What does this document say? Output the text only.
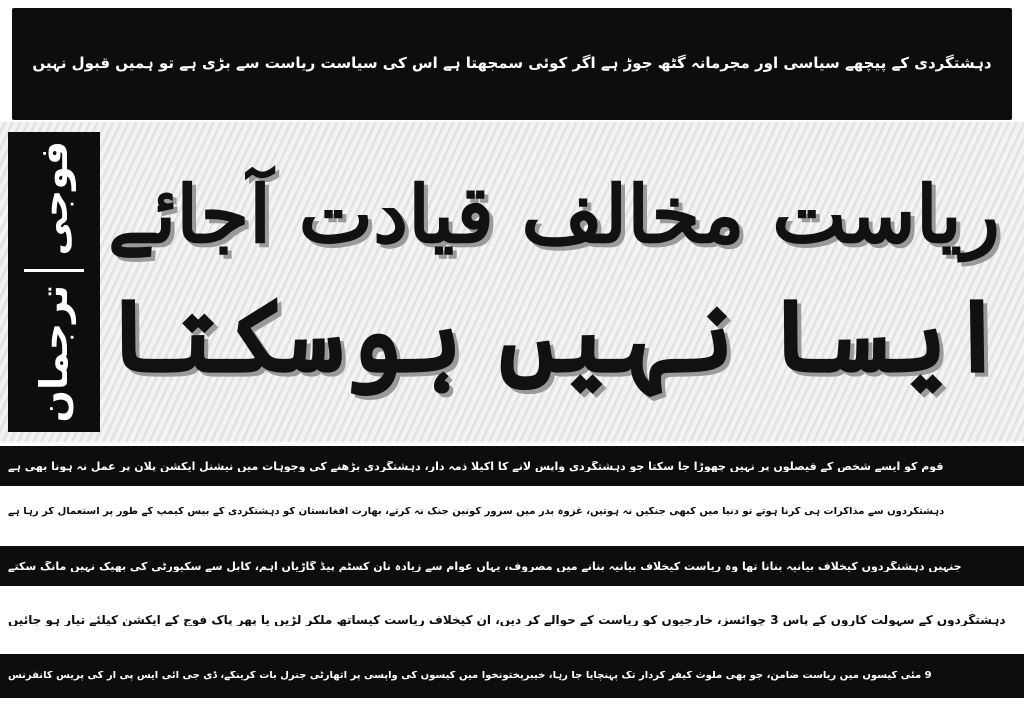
دہشتگردی کے پیچھے سیاسی اور مجرمانہ گٹھ جوڑ ہے اگر کوئی سمجھتا ہے اس کی سیاست ریاست سے بڑی ہے تو ہمیں قبول نہیں
فوجی
ترجمان
ریاست مخالف قیادت آجائے
ایسا نہیں ہوسکتا
قوم کو ایسے شخص کے فیصلوں پر نہیں چھوڑا جا سکتا جو دہشتگردی واپس لانے کا اکیلا ذمہ دار، دہشتگردی بڑھنے کی وجوہات میں نیشنل ایکشن پلان پر عمل نہ ہونا بھی ہے
دہشتگردوں سے مذاکرات ہی کرنا ہوتے تو دنیا میں کبھی جنگیں نہ ہوتیں، غزوہ بدر میں سرور کونین جنگ نہ کرتے، بھارت افغانستان کو دہشتگردی کے بیس کیمپ کے طور پر استعمال کر رہا ہے
جنہیں دہشتگردوں کیخلاف بیانیہ بنانا تھا وہ ریاست کیخلاف بیانیہ بنانے میں مصروف، یہاں عوام سے زیادہ نان کسٹم پیڈ گاڑیاں اہم، کابل سے سکیورٹی کی بھیک نہیں مانگ سکتے
دہشتگردوں کے سہولت کاروں کے پاس 3 چوائسز، خارجیوں کو ریاست کے حوالے کر دیں، ان کیخلاف ریاست کیساتھ ملکر لڑیں یا پھر پاک فوج کے ایکشن کیلئے تیار ہو جائیں
9 مئی کیسوں میں ریاست ضامن، جو بھی ملوث کیفر کردار تک پہنچایا جا رہا، خیبرپختونخوا میں کیسوں کی واپسی پر اتھارٹی جنرل بات کرینگے، ڈی جی آئی ایس پی آر کی پریس کانفرنس
